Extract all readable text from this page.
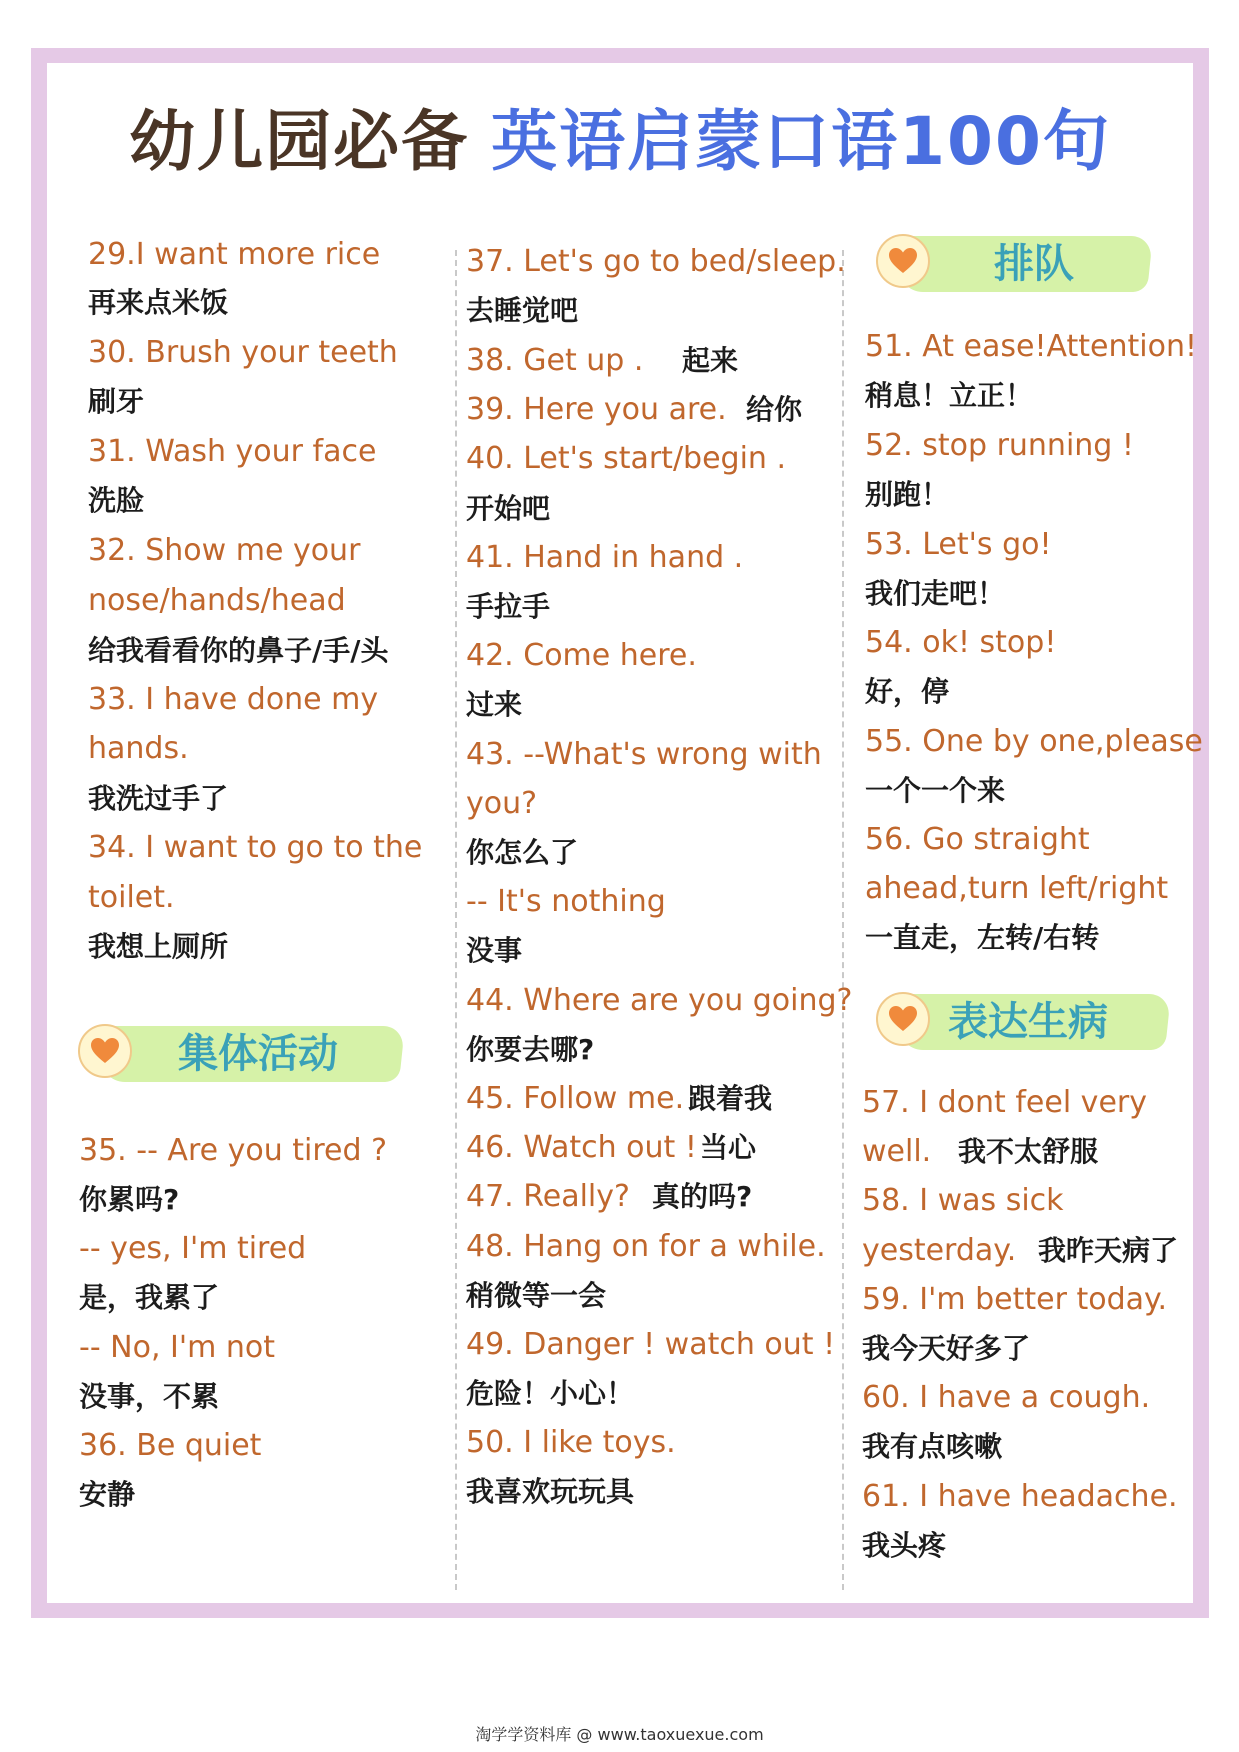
幼儿园必备 英语启蒙口语100句
29.I want more rice
再来点米饭
30. Brush your teeth
刷牙
31. Wash your face
洗脸
32. Show me your
nose/hands/head
给我看看你的鼻子/手/头
33. I have done my
hands.
我洗过手了
34. I want to go to the
toilet.
我想上厕所
集体活动
35. -- Are you tired ?
你累吗?
-- yes, I'm tired
是，我累了
-- No, I'm not
没事，不累
36. Be quiet
安静
37. Let's go to bed/sleep.
去睡觉吧
38. Get up . 起来
39. Here you are. 给你
40. Let's start/begin .
开始吧
41. Hand in hand .
手拉手
42. Come here.
过来
43. --What's wrong with
you?
你怎么了
-- It's nothing
没事
44. Where are you going?
你要去哪?
45. Follow me. 跟着我
46. Watch out ! 当心
47. Really? 真的吗?
48. Hang on for a while.
稍微等一会
49. Danger ! watch out !
危险！小心！
50. I like toys.
我喜欢玩玩具
排队
51. At ease!Attention!
稍息！立正！
52. stop running !
别跑！
53. Let's go!
我们走吧！
54. ok! stop!
好，停
55. One by one,please
一个一个来
56. Go straight
ahead,turn left/right
一直走，左转/右转
表达生病
57. I dont feel very
well. 我不太舒服
58. I was sick
yesterday. 我昨天病了
59. I'm better today.
我今天好多了
60. I have a cough.
我有点咳嗽
61. I have headache.
我头疼
淘学学资料库 @ www.taoxuexue.com
